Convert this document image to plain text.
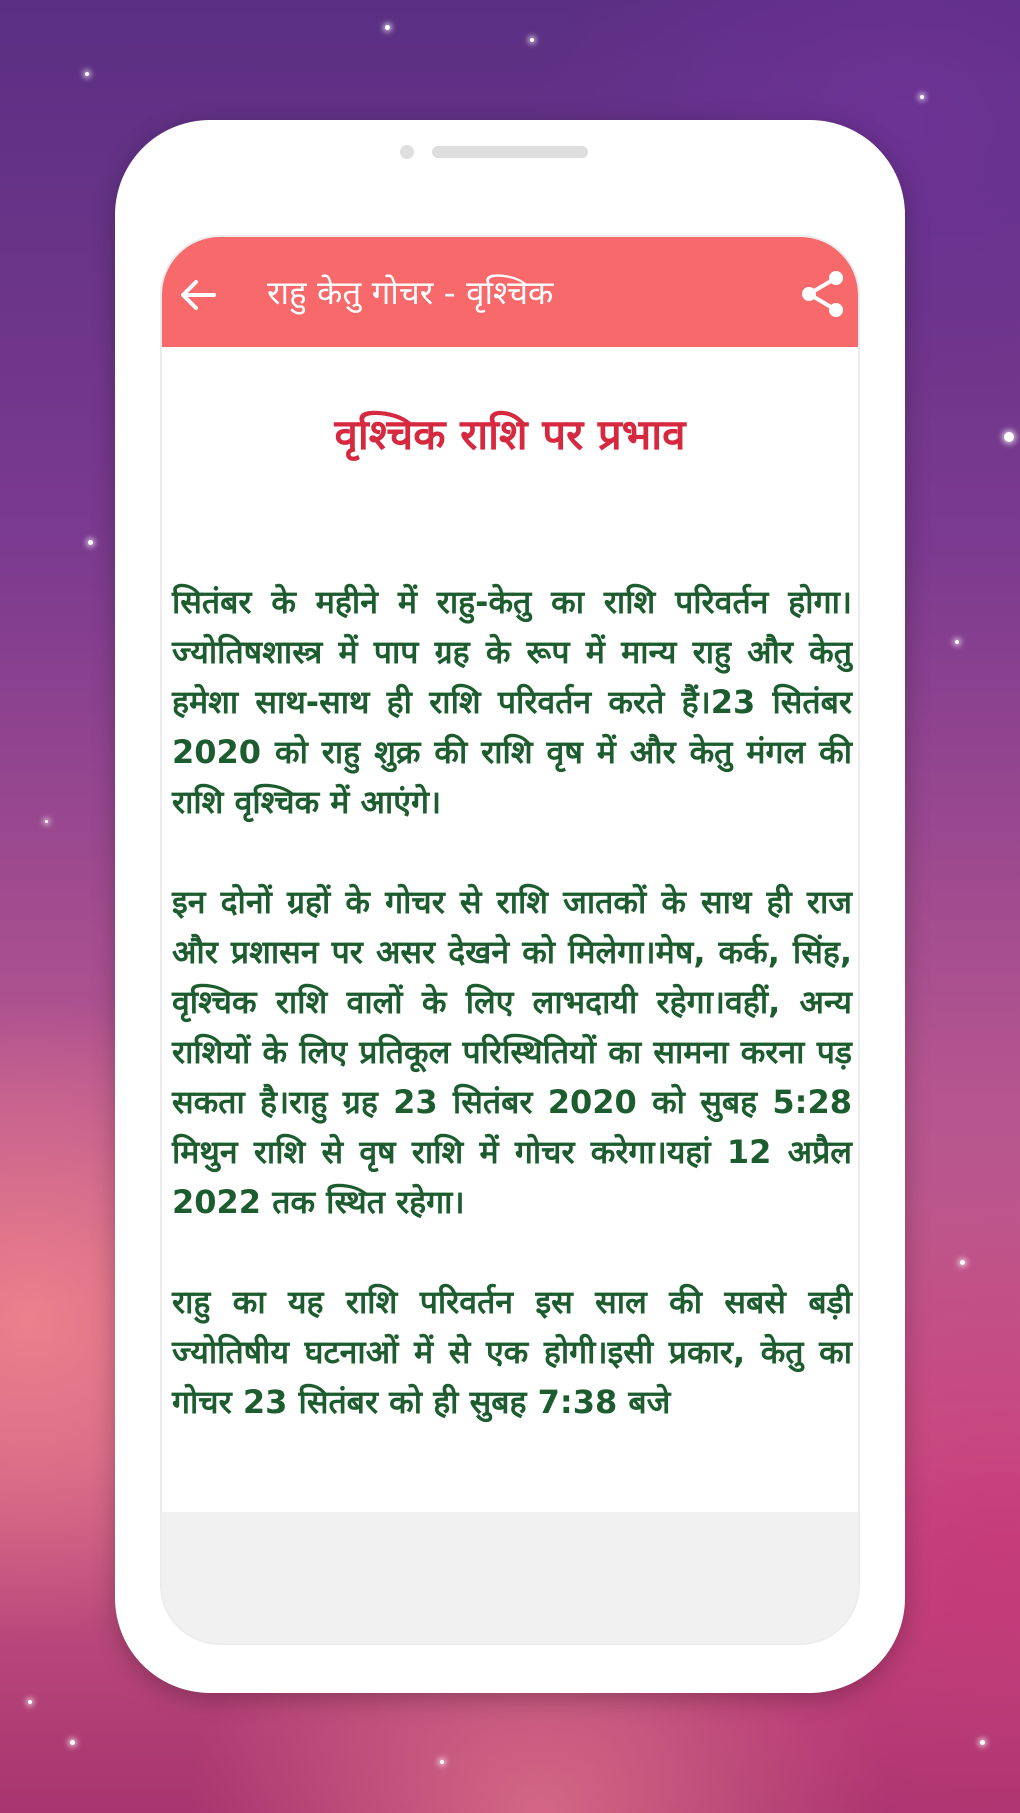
राहु केतु गोचर - वृश्चिक
वृश्चिक राशि पर प्रभाव

सितंबर के महीने में राहु-केतु का राशि परिवर्तन होगा।ज्योतिषशास्त्र में पाप ग्रह के रूप में मान्य राहु और केतु हमेशा साथ-साथ ही राशि परिवर्तन करते हैं।23 सितंबर 2020 को राहु शुक्र की राशि वृष में और केतु मंगल की राशि वृश्चिक में आएंगे।

इन दोनों ग्रहों के गोचर से राशि जातकों के साथ ही राज और प्रशासन पर असर देखने को मिलेगा।मेष, कर्क, सिंह, वृश्चिक राशि वालों के लिए लाभदायी रहेगा।वहीं, अन्य राशियों के लिए प्रतिकूल परिस्थितियों का सामना करना पड़ सकता है।राहु ग्रह 23 सितंबर 2020 को सुबह 5:28 मिथुन राशि से वृष राशि में गोचर करेगा।यहां 12 अप्रैल 2022 तक स्थित रहेगा।

राहु का यह राशि परिवर्तन इस साल की सबसे बड़ी ज्योतिषीय घटनाओं में से एक होगी।इसी प्रकार, केतु का गोचर 23 सितंबर को ही सुबह 7:38 बजे
